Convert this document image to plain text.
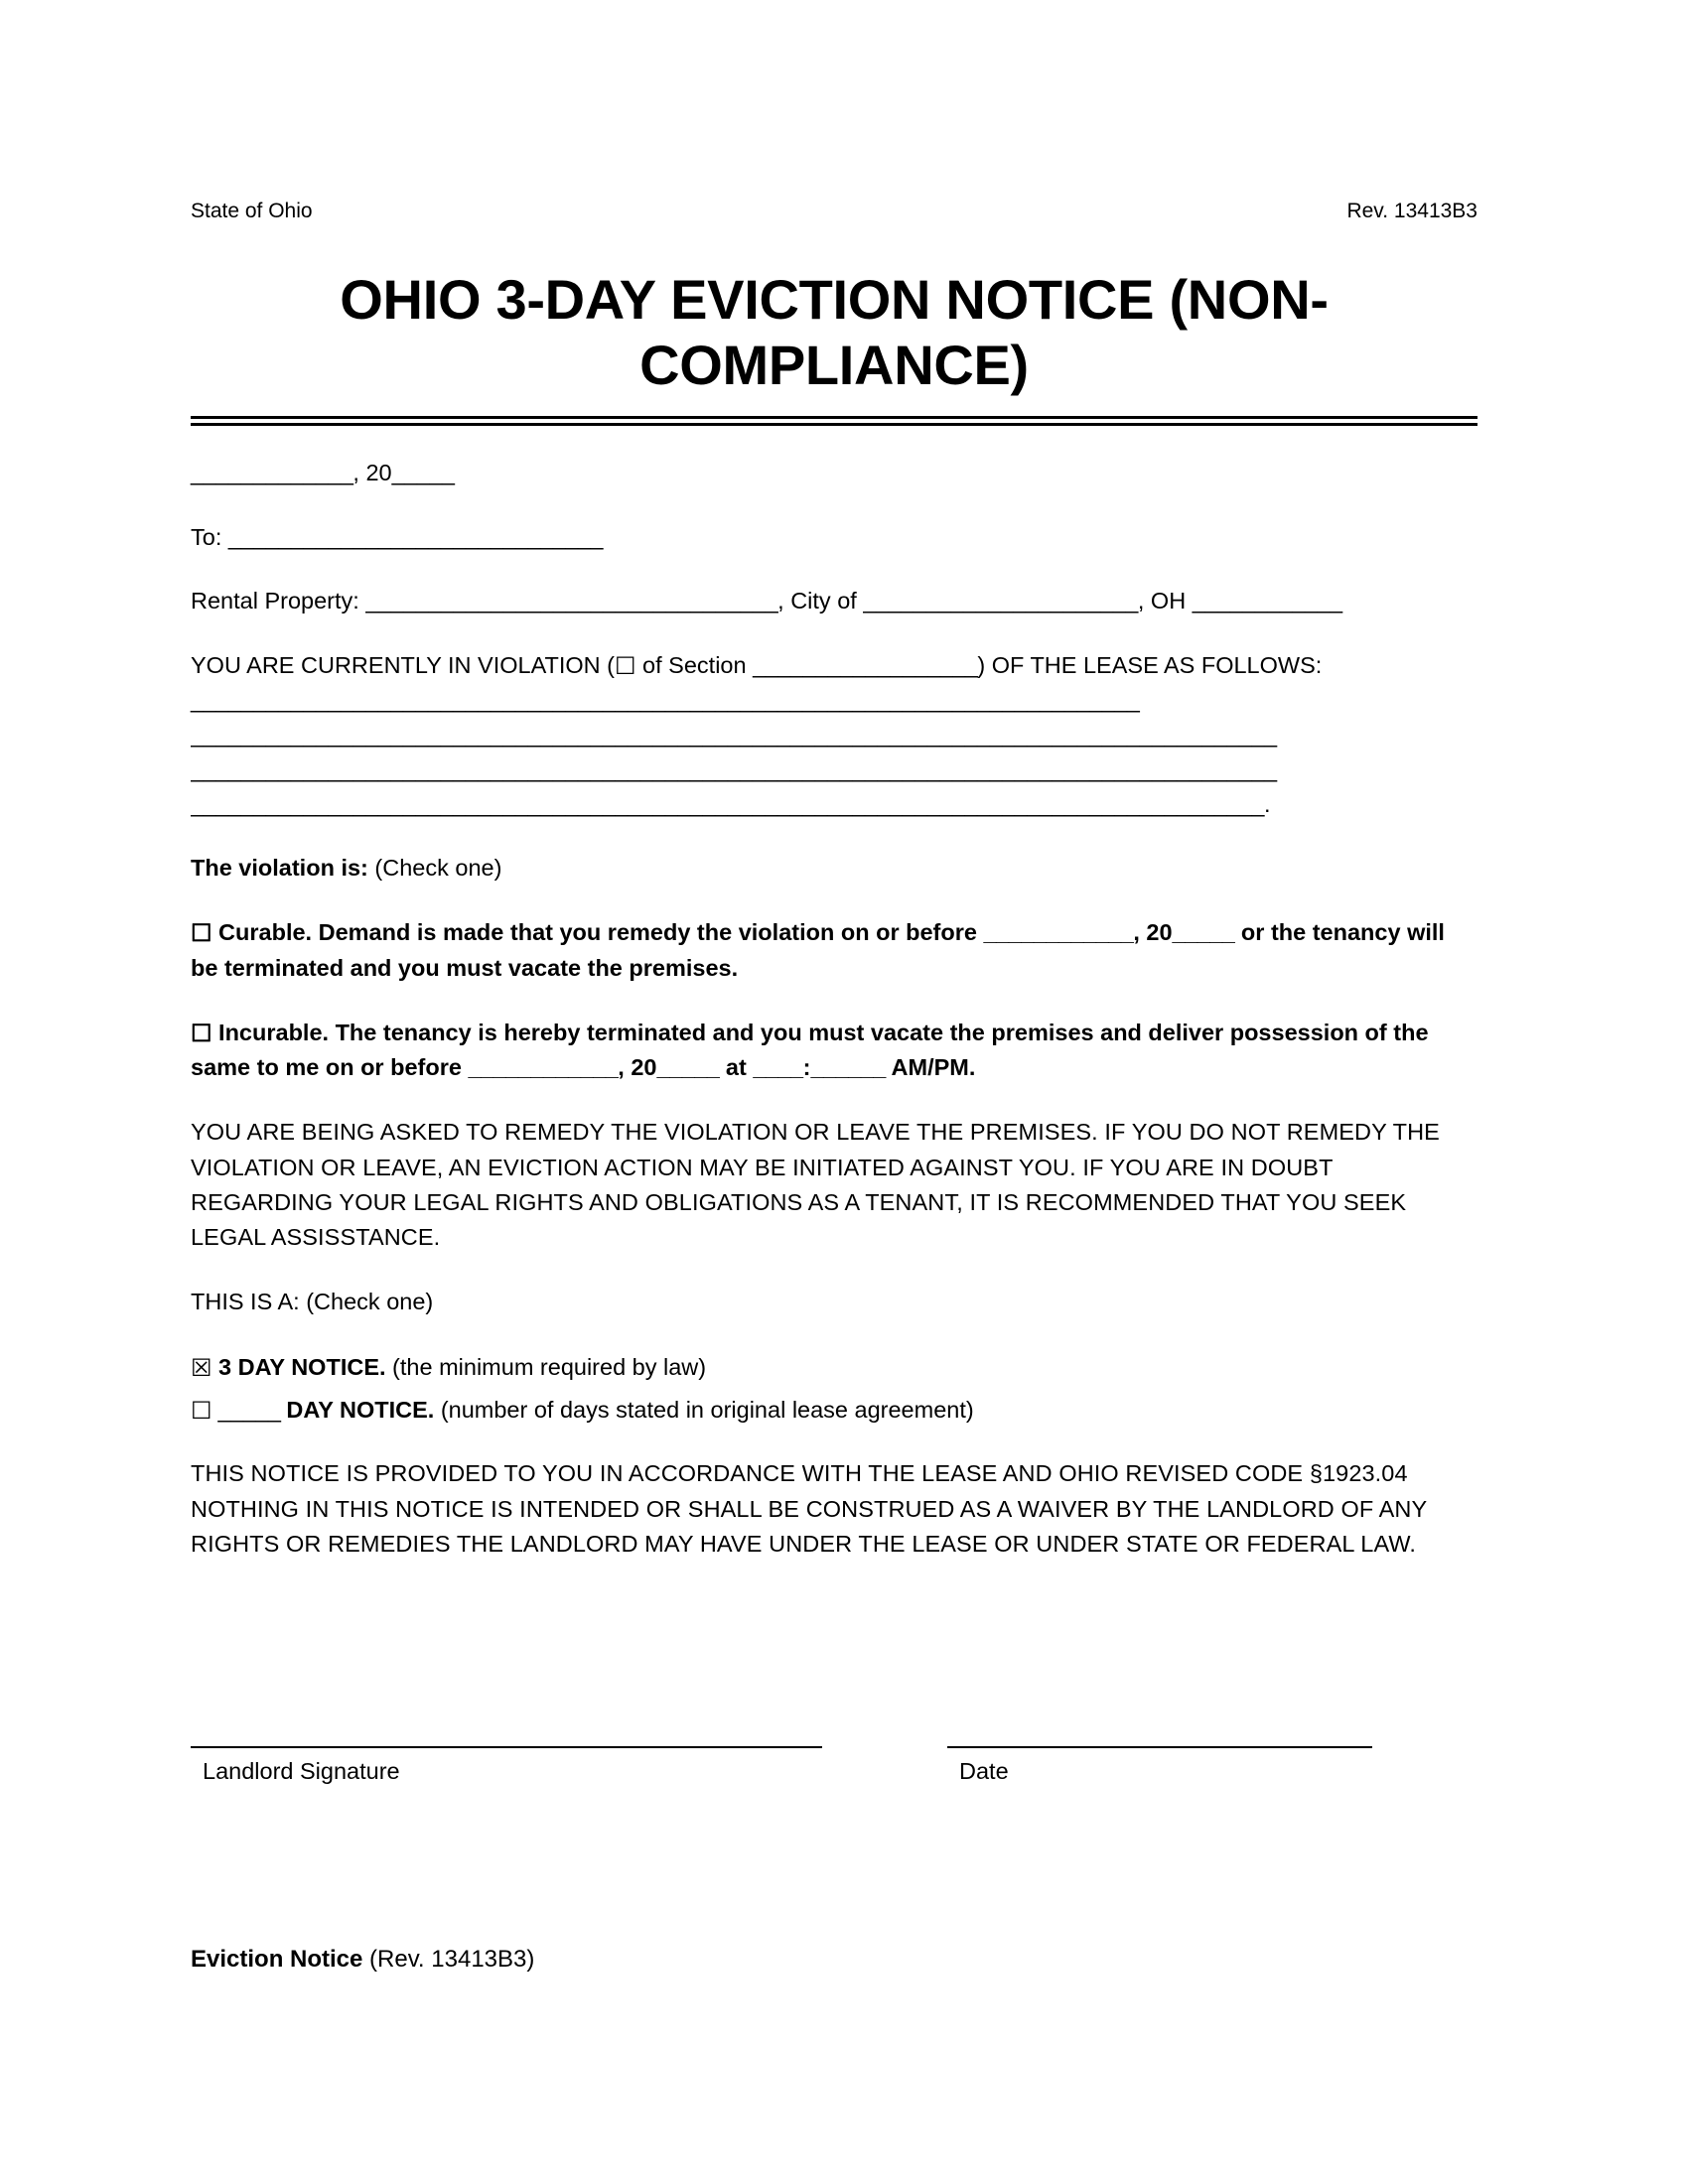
State of Ohio	Rev. 13413B3
OHIO 3-DAY EVICTION NOTICE (NON-COMPLIANCE)
_____________, 20_____
To: ______________________________
Rental Property: _________________________________, City of ______________________, OH ____________
YOU ARE CURRENTLY IN VIOLATION (☐ of Section __________________) OF THE LEASE AS FOLLOWS: ____________________________________________________________________________
_______________________________________________________________________________________
_______________________________________________________________________________________
______________________________________________________________________________________.
The violation is: (Check one)
☐ Curable. Demand is made that you remedy the violation on or before ____________, 20_____ or the tenancy will be terminated and you must vacate the premises.
☐ Incurable. The tenancy is hereby terminated and you must vacate the premises and deliver possession of the same to me on or before ____________, 20_____ at ____:______ AM/PM.
YOU ARE BEING ASKED TO REMEDY THE VIOLATION OR LEAVE THE PREMISES. IF YOU DO NOT REMEDY THE VIOLATION OR LEAVE, AN EVICTION ACTION MAY BE INITIATED AGAINST YOU. IF YOU ARE IN DOUBT REGARDING YOUR LEGAL RIGHTS AND OBLIGATIONS AS A TENANT, IT IS RECOMMENDED THAT YOU SEEK LEGAL ASSISSTANCE.
THIS IS A: (Check one)
☒ 3 DAY NOTICE. (the minimum required by law)
☐ _____ DAY NOTICE. (number of days stated in original lease agreement)
THIS NOTICE IS PROVIDED TO YOU IN ACCORDANCE WITH THE LEASE AND OHIO REVISED CODE §1923.04 NOTHING IN THIS NOTICE IS INTENDED OR SHALL BE CONSTRUED AS A WAIVER BY THE LANDLORD OF ANY RIGHTS OR REMEDIES THE LANDLORD MAY HAVE UNDER THE LEASE OR UNDER STATE OR FEDERAL LAW.
Landlord Signature	Date
Eviction Notice (Rev. 13413B3)
